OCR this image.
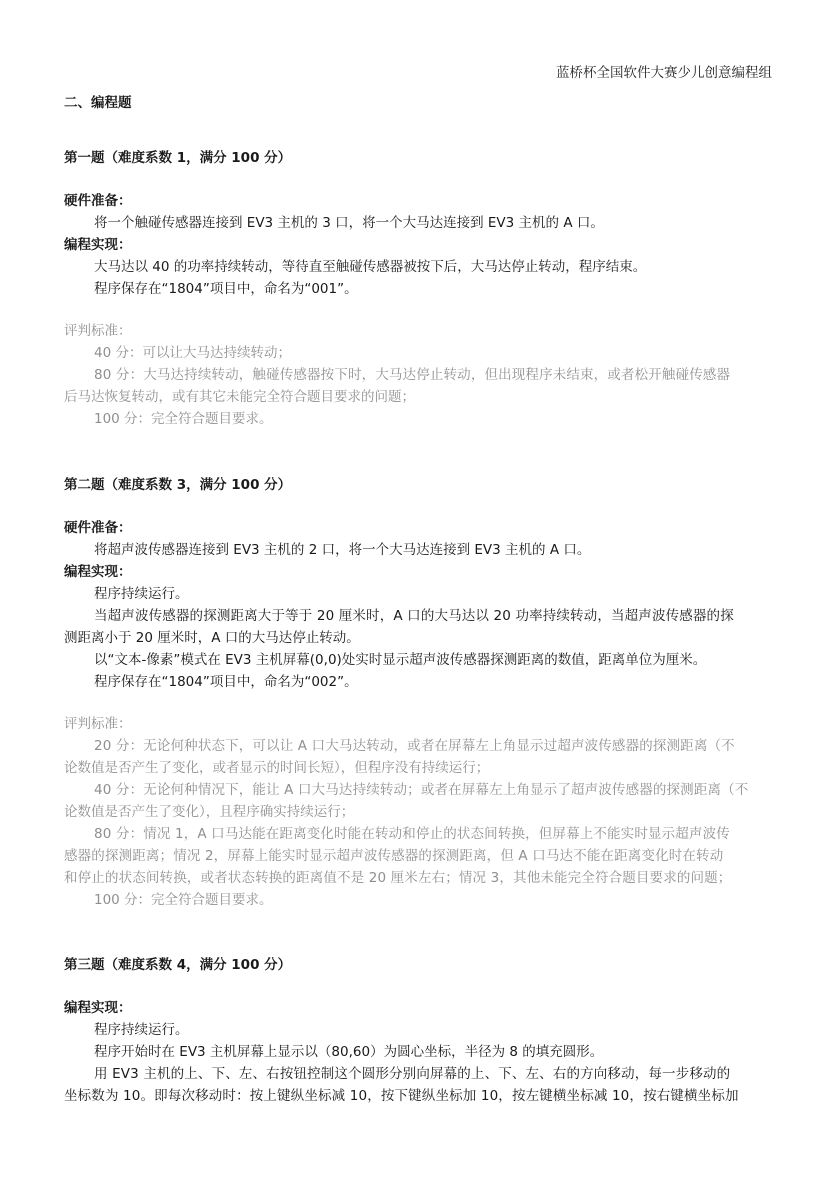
蓝桥杯全国软件大赛少儿创意编程组
二、编程题
第一题（难度系数 1，满分 100 分）
硬件准备：
将一个触碰传感器连接到 EV3 主机的 3 口，将一个大马达连接到 EV3 主机的 A 口。
编程实现：
大马达以 40 的功率持续转动，等待直至触碰传感器被按下后，大马达停止转动，程序结束。
程序保存在“1804”项目中，命名为“001”。
评判标准：
40 分：可以让大马达持续转动；
80 分：大马达持续转动，触碰传感器按下时，大马达停止转动，但出现程序未结束，或者松开触碰传感器
后马达恢复转动，或有其它未能完全符合题目要求的问题；
100 分：完全符合题目要求。
第二题（难度系数 3，满分 100 分）
硬件准备：
将超声波传感器连接到 EV3 主机的 2 口，将一个大马达连接到 EV3 主机的 A 口。
编程实现：
程序持续运行。
当超声波传感器的探测距离大于等于 20 厘米时，A 口的大马达以 20 功率持续转动，当超声波传感器的探
测距离小于 20 厘米时，A 口的大马达停止转动。
以“文本-像素”模式在 EV3 主机屏幕(0,0)处实时显示超声波传感器探测距离的数值，距离单位为厘米。
程序保存在“1804”项目中，命名为“002”。
评判标准：
20 分：无论何种状态下，可以让 A 口大马达转动，或者在屏幕左上角显示过超声波传感器的探测距离（不
论数值是否产生了变化，或者显示的时间长短），但程序没有持续运行；
40 分：无论何种情况下，能让 A 口大马达持续转动；或者在屏幕左上角显示了超声波传感器的探测距离（不
论数值是否产生了变化），且程序确实持续运行；
80 分：情况 1，A 口马达能在距离变化时能在转动和停止的状态间转换，但屏幕上不能实时显示超声波传
感器的探测距离；情况 2，屏幕上能实时显示超声波传感器的探测距离，但 A 口马达不能在距离变化时在转动
和停止的状态间转换，或者状态转换的距离值不是 20 厘米左右；情况 3，其他未能完全符合题目要求的问题；
100 分：完全符合题目要求。
第三题（难度系数 4，满分 100 分）
编程实现：
程序持续运行。
程序开始时在 EV3 主机屏幕上显示以（80,60）为圆心坐标，半径为 8 的填充圆形。
用 EV3 主机的上、下、左、右按钮控制这个圆形分别向屏幕的上、下、左、右的方向移动，每一步移动的
坐标数为 10。即每次移动时：按上键纵坐标减 10，按下键纵坐标加 10，按左键横坐标减 10，按右键横坐标加
